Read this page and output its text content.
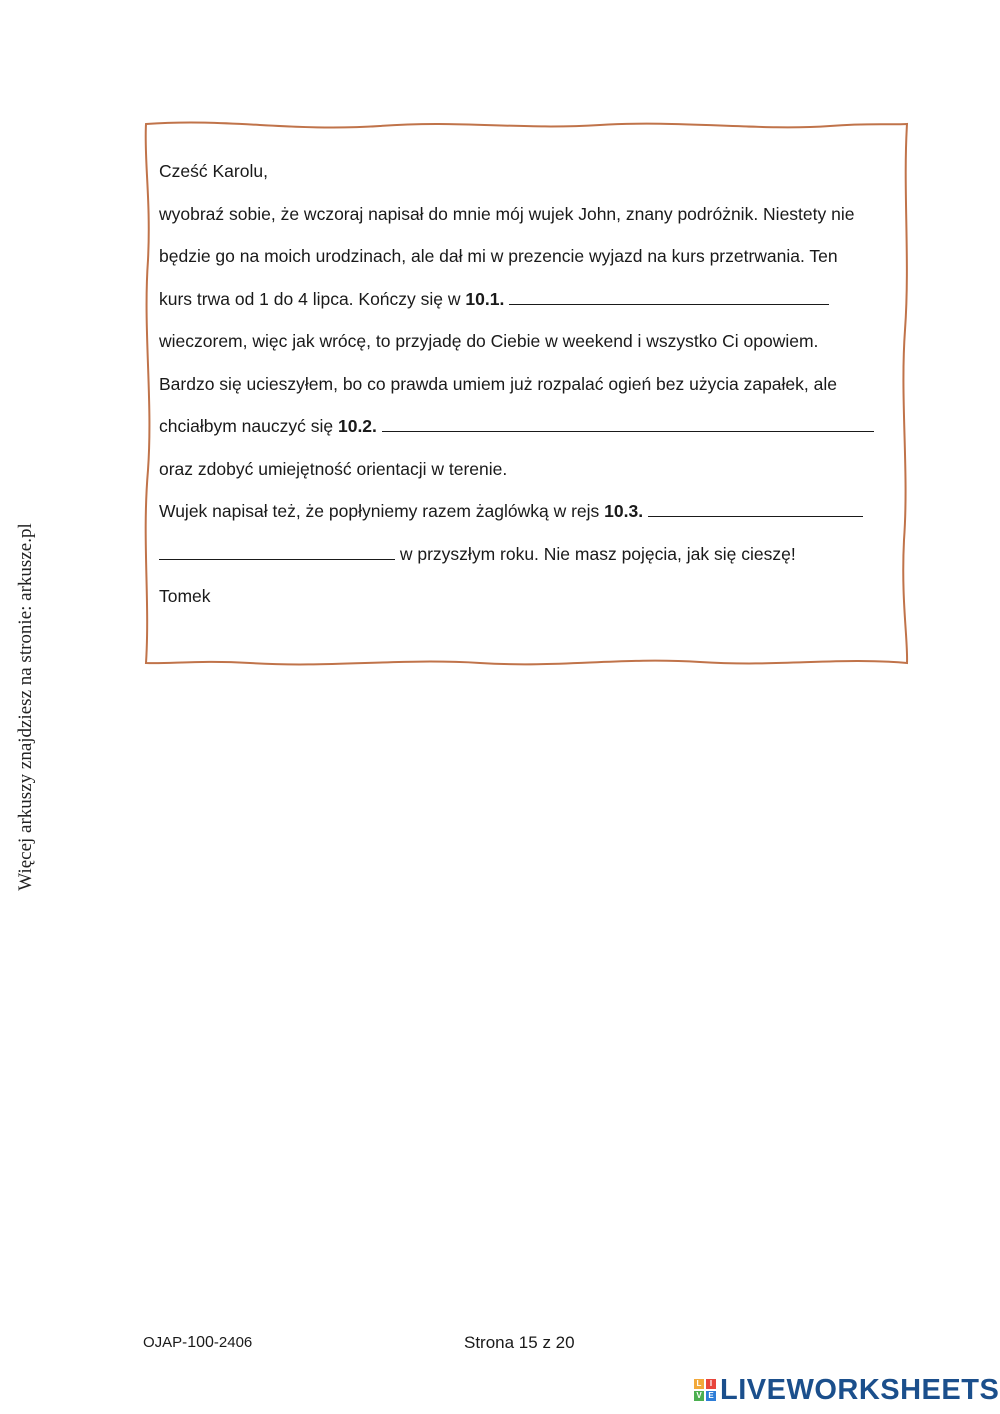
Więcej arkuszy znajdziesz na stronie: arkusze.pl

Cześć Karolu,

wyobraź sobie, że wczoraj napisał do mnie mój wujek John, znany podróżnik. Niestety nie

będzie go na moich urodzinach, ale dał mi w prezencie wyjazd na kurs przetrwania. Ten

kurs trwa od 1 do 4 lipca. Kończy się w 10.1.

wieczorem, więc jak wrócę, to przyjadę do Ciebie w weekend i wszystko Ci opowiem.

Bardzo się ucieszyłem, bo co prawda umiem już rozpalać ogień bez użycia zapałek, ale

chciałbym nauczyć się 10.2.

oraz zdobyć umiejętność orientacji w terenie.

Wujek napisał też, że popłyniemy razem żaglówką w rejs 10.3.

w przyszłym roku. Nie masz pojęcia, jak się cieszę!

Tomek

OJAP-100-2406	Strona 15 z 20
L	I
V E LIVEWORKSHEETS
